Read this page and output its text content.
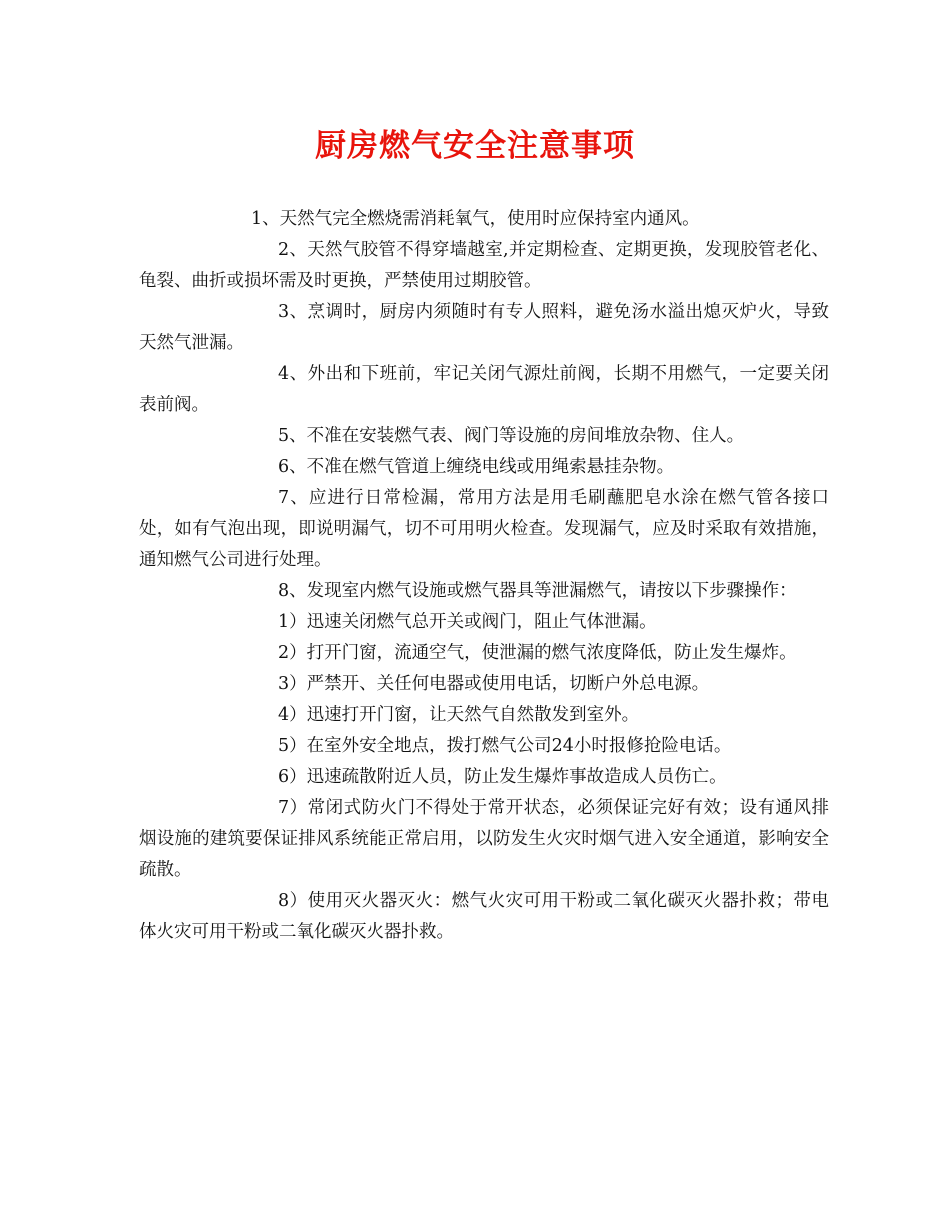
厨房燃气安全注意事项

1、天然气完全燃烧需消耗氧气，使用时应保持室内通风。

2、天然气胶管不得穿墙越室,并定期检查、定期更换，发现胶管老化、龟裂、曲折或损坏需及时更换，严禁使用过期胶管。

3、烹调时，厨房内须随时有专人照料，避免汤水溢出熄灭炉火，导致天然气泄漏。

4、外出和下班前，牢记关闭气源灶前阀，长期不用燃气，一定要关闭表前阀。

5、不准在安装燃气表、阀门等设施的房间堆放杂物、住人。

6、不准在燃气管道上缠绕电线或用绳索悬挂杂物。

7、应进行日常检漏，常用方法是用毛刷蘸肥皂水涂在燃气管各接口处，如有气泡出现，即说明漏气，切不可用明火检查。发现漏气，应及时采取有效措施，通知燃气公司进行处理。

8、发现室内燃气设施或燃气器具等泄漏燃气，请按以下步骤操作：

1）迅速关闭燃气总开关或阀门，阻止气体泄漏。

2）打开门窗，流通空气，使泄漏的燃气浓度降低，防止发生爆炸。

3）严禁开、关任何电器或使用电话，切断户外总电源。

4）迅速打开门窗，让天然气自然散发到室外。

5）在室外安全地点，拨打燃气公司24小时报修抢险电话。

6）迅速疏散附近人员，防止发生爆炸事故造成人员伤亡。

7）常闭式防火门不得处于常开状态，必须保证完好有效；设有通风排烟设施的建筑要保证排风系统能正常启用，以防发生火灾时烟气进入安全通道，影响安全疏散。

8）使用灭火器灭火：燃气火灾可用干粉或二氧化碳灭火器扑救；带电体火灾可用干粉或二氧化碳灭火器扑救。
